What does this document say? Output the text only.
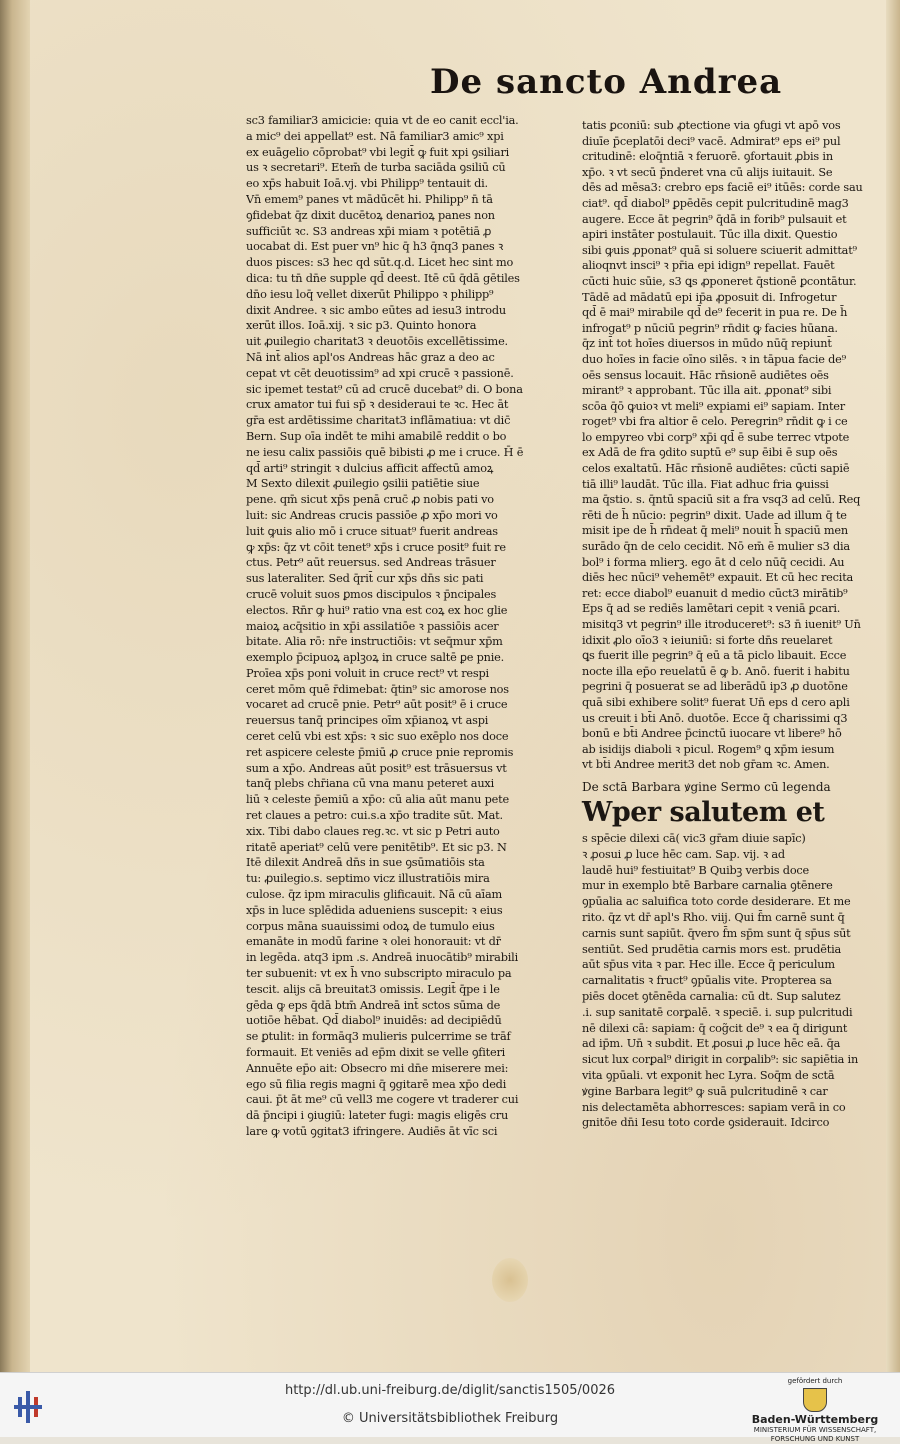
De sancto Andrea
sc3 familiar3 amicicie: quia vt de eo canit eccl'ia.
a mic⁹ dei appellat⁹ est. Nā familiar3 amic⁹ xpi
ex euāgelio cōprobat⁹ vbi legit̄ ꝙ fuit xpi ꝯsiliari
us ꝛ secretari⁹. Etem̄ de turba saciāda ꝯsiliū cū
eo xp̄s habuit Ioā.vj. vbi Philipp⁹ tentauit di.
Vn̄ emem⁹ panes vt mādūcēt hi. Philipp⁹ n̄ tā
ꝯfidebat q̄z dixit ducētoꝝ denarioꝝ panes non
sufficiūt ꝛc. S3 andreas xp̄i miam ꝛ potētiā ꝓ
uocabat di. Est puer vn⁹ hic q̄ h3 q̄nq3 panes ꝛ
duos pisces: s3 hec qd sūt.q.d. Licet hec sint mo
dica: tu tn̄ dn̄e supple qd̄ deest. Itē cū q̄dā gētiles
dn̄o iesu loq̄ vellet dixerūt Philippo ꝛ philipp⁹
dixit Andree. ꝛ sic ambo eūtes ad iesu3 introdu
xerūt illos. Ioā.xij. ꝛ sic p3. Quinto honora
uit ꝓuilegio charitat3 ꝛ deuotōis excellētissime.
Nā int̄ alios apl'os Andreas hāc graz a deo ac
cepat vt cēt deuotissim⁹ ad xpi crucē ꝛ passionē.
sic ipemet testat⁹ cū ad crucē ducebat⁹ di. O bona
crux amator tui fui sp̄ ꝛ desideraui te ꝛc. Hec āt
gr̄a est ardētissime charitat3 inflāmatiua: vt dic̄
Bern. Sup oīa indēt te mihi amabilē reddit o bo
ne iesu calix passiōis quē bibisti ꝓ me i cruce. H̄ ē
qd̄ arti⁹ stringit ꝛ dulcius afficit affectū amoꝝ
M Sexto dilexit ꝓuilegio ꝯsilii patiētie siue
pene. qm̄ sicut xp̄s penā cruc̄ ꝓ nobis pati vo
luit: sic Andreas crucis passiōe ꝓ xp̄o mori vo
luit ꝙuis alio mō i cruce situat⁹ fuerit andreas
ꝙ xp̄s: q̄z vt cōit tenet⁹ xp̄s i cruce posit⁹ fuit re
ctus. Petr⁹ aūt reuersus. sed Andreas trāsuer
sus lateraliter. Sed q̄rit̄ cur xp̄s dn̄s sic pati
crucē voluit suos ꝑmos discipulos ꝛ p̄ncipales
electos. Rn̄r ꝙ hui⁹ ratio vna est coꝝ ex hoc glie
maioꝝ acq̄sitio in xp̄i assilatiōe ꝛ passiōis acer
bitate. Alia rō: nr̄e instructiōis: vt seq̄mur xp̄m
exemplo p̄cipuoꝝ aplꝫoꝝ in cruce saltē ꝑe pnie.
Proīea xp̄s poni voluit in cruce rect⁹ vt respi
ceret mōm quē r̄dimebat: q̄tin⁹ sic amorose nos
vocaret ad crucē pnie. Petr⁹ aūt posit⁹ ē i cruce
reuersus tanq̄ principes oīm xp̄ianoꝝ vt aspi
ceret celū vbi est xp̄s: ꝛ sic suo exēplo nos doce
ret aspicere celeste p̄miū ꝓ cruce pnie repromis
sum a xp̄o. Andreas aūt posit⁹ est trāsuersus vt
tanq̄ plebs chr̄iana cū vna manu peteret auxi
liū ꝛ celeste p̄emiū a xp̄o: cū alia aūt manu pete
ret claues a petro: cui.s.a xp̄o tradite sūt. Mat.
xix. Tibi dabo claues reg.ꝛc. vt sic p Petri auto
ritatē aperiat⁹ celū vere penitētib⁹. Et sic p3. N
Itē dilexit Andreā dn̄s in sue ꝯsūmatiōis sta
tu: ꝓuilegio.s. septimo vicz illustratiōis mira
culose. q̄z ipm miraculis glificauit. Nā cū aīam
xp̄s in luce splēdida adueniens suscepit: ꝛ eius
corpus māna suauissimi odoꝝ de tumulo eius
emanāte in modū farine ꝛ olei honorauit: vt dr̄
in legēda. atq3 ipm .s. Andreā inuocātib⁹ mirabili
ter subuenit: vt ex h̄ vno subscripto miraculo pa
tescit. alijs cā breuitat3 omissis. Legit̄ q̄pe i le
gēda ꝙ eps q̄dā btm̄ Andreā int̄ sctos sūma de
uotiōe hēbat. Qd̄ diabol⁹ inuidēs: ad decipiēdū
se ꝑtulit: in formāq3 mulieris pulcerrime se trāf
formauit. Et veniēs ad ep̄m dixit se velle ꝯfiteri
Annuēte ep̄o ait: Obsecro mi dn̄e miserere mei:
ego sū filia regis magni q̄ ꝯgitarē mea xp̄o dedi
caui. p̄t āt me⁹ cū vell3 me cogere vt traderer cui
dā p̄ncipi i ꝯiugiū: lateter fugi: magis eligēs cru
lare ꝙ votū ꝯgitat3 ifringere. Audiēs āt vīc sci
tatis ꝑconiū: sub ꝓtectione via ꝯfugi vt apō vos
diuīe p̄ceplatōi deci⁹ vacē. Admirat⁹ eps ei⁹ pul
critudinē: eloq̄ntiā ꝛ feruorē. ꝯfortauit ꝓbis in
xp̄o. ꝛ vt secū p̄nderet vna cū alijs iuitauit. Se
dēs ad mēsa3: crebro eps faciē ei⁹ itūēs: corde sau
ciat⁹. qd̄ diabol⁹ ꝑpēdēs cepit pulcritudinē mag3
augere. Ecce āt pegrin⁹ q̄dā in forib⁹ pulsauit et
apiri instāter postulauit. Tūc illa dixit. Questio
sibi ꝙuis ꝓponat⁹ quā si soluere sciuerit admittat⁹
alioqnvt insci⁹ ꝛ pr̄ia epi idign⁹ repellat. Fauēt
cūcti huic sūie, s3 ꝗs ꝓponeret q̄stionē ꝑcontātur.
Tādē ad mādatū epi ip̄a ꝓposuit di. Infrogetur
qd̄ ē mai⁹ mirabile qd̄ de⁹ fecerit in pua re. De h̄
infrogat⁹ p nūciū pegrin⁹ rn̄dit ꝙ facies hūana.
q̄z int̄ tot hoīes diuersos in mūdo nūq̄ repiunt̄
duo hoīes in facie oīno silēs. ꝛ in tāpua facie de⁹
oēs sensus locauit. Hāc rn̄sionē audiētes oēs
mirant⁹ ꝛ approbant. Tūc illa ait. ꝓponat⁹ sibi
scōa q̄ō ꝙuioꝛ vt meli⁹ expiami ei⁹ sapiam. Inter
roget⁹ vbi fra altior ē celo. Peregrin⁹ rn̄dit ꝙ i ce
lo empyreo vbi corp⁹ xp̄i qd̄ ē sube terrec vtpote
ex Adā de fra ꝯdito suptū e⁹ sup ēibi ē sup oēs
celos exaltatū. Hāc rn̄sionē audiētes: cūcti sapiē
tiā illi⁹ laudāt. Tūc illa. Fiat adhuc fria ꝙuissi
ma q̄stio. s. q̄ntū spaciū sit a fra vsq3 ad celū. Req
rēti de h̄ nūcio: pegrin⁹ dixit. Uade ad illum q̄ te
misit ipe de h̄ rn̄deat q̄ meli⁹ nouit h̄ spaciū men
surādo q̄n de celo cecidit. Nō em̄ ē mulier s3 dia
bol⁹ i forma mlierꝫ. ego āt d celo nūq̄ cecidi. Au
diēs hec nūci⁹ vehemēt⁹ expauit. Et cū hec recita
ret: ecce diabol⁹ euanuit d medio cūct3 mirātib⁹
Eps q̄ ad se rediēs lamētari cepit ꝛ veniā ꝑcari.
misitq3 vt pegrin⁹ ille itroduceret⁹: s3 n̄ iuenit⁹ Un̄
idixit ꝓlo oīo3 ꝛ ieiuniū: si forte dn̄s reuelaret
ꝗs fuerit ille pegrin⁹ q̄ eū a tā piclo libauit. Ecce
nocte illa ep̄o reuelatū ē ꝙ b. Anō. fuerit i habitu
pegrini q̄ posuerat se ad liberādū ip3 ꝓ duotōne
quā sibi exhibere solit⁹ fuerat Un̄ eps d cero apli
us creuit i bt̄i Anō. duotōe. Ecce q̄ charissimi q3
bonū e bt̄i Andree p̄cinctū iuocare vt libere⁹ hō
ab isidijs diaboli ꝛ picul. Rogem⁹ ꝗ xp̄m iesum
vt bt̄i Andree merit3 det nob gr̄am ꝛc. Amen.
De sctā Barbara ꝟgine Sermo cū legenda
Wper salutem et
s spēcie dilexi cā( vic3 gr̄am diuie sapīc)
ꝛ ꝓosui ꝓ luce hēc cam. Sap. vij. ꝛ ad
laudē hui⁹ festiuitat⁹ B Quibꝫ verbis doce
mur in exemplo btē Barbare carnalia ꝯtēnere
ꝯpūalia ac saluifica toto corde desiderare. Et me
rito. q̄z vt dr̄ apl's Rho. viij. Qui f̄m carnē sunt q̄
carnis sunt sapiūt. q̄vero f̄m sp̄m sunt q̄ sp̄us sūt
sentiūt. Sed prudētia carnis mors est. prudētia
aūt sp̄us vita ꝛ par. Hec ille. Ecce q̄ periculum
carnalitatis ꝛ fruct⁹ ꝯpūalis vite. Propterea sa
piēs docet ꝯtēnēda carnalia: cū dt. Sup salutez
.i. sup sanitatē corꝑalē. ꝛ speciē. i. sup pulcritudi
nē dilexi cā: sapiam: q̄ cog̃cit de⁹ ꝛ ea q̄ dirigunt
ad ip̄m. Un̄ ꝛ subdit. Et ꝓosui ꝓ luce hēc eā. q̄a
sicut lux corꝑal⁹ dirigit in corꝑalib⁹: sic sapiētia in
vita ꝯpūali. vt exponit hec Lyra. Soq̄m de sctā
ꝟgine Barbara legit⁹ ꝙ suā pulcritudinē ꝛ car
nis delectamēta abhorresces: sapiam verā in co
gnitōe dn̄i Iesu toto corde ꝯsiderauit. Idcirco
http://dl.ub.uni-freiburg.de/diglit/sanctis1505/0026
© Universitätsbibliothek Freiburg
gefördert durch
Baden-Württemberg
MINISTERIUM FÜR WISSENSCHAFT, FORSCHUNG UND KUNST
